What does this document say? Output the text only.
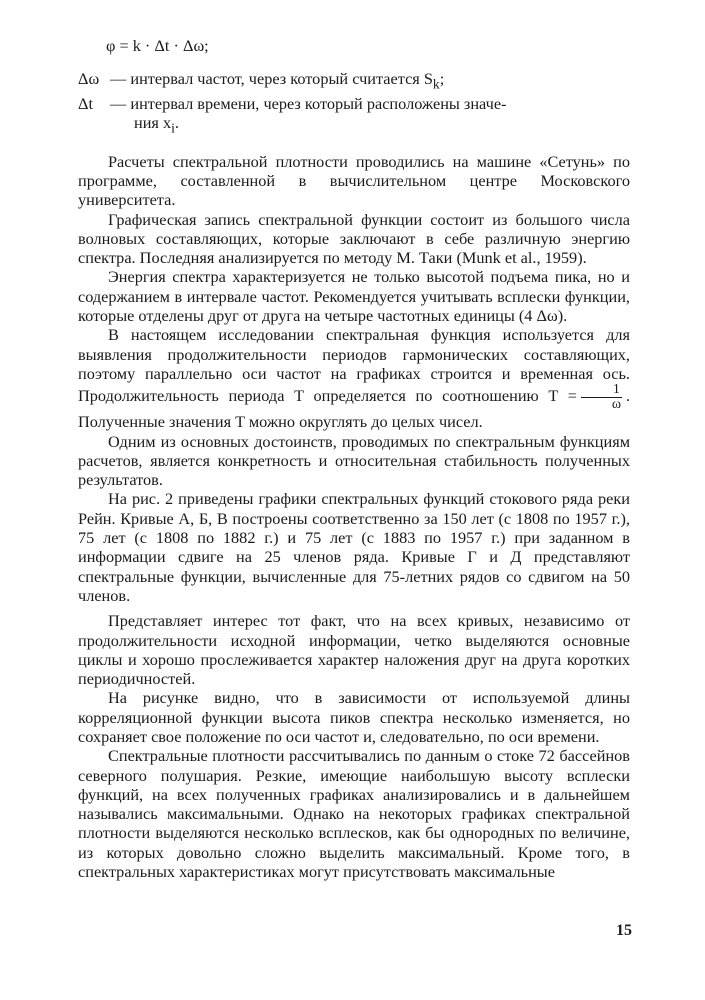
φ = k · Δt · Δω;
Δω — интервал частот, через который считается $S_k$;
Δt	— интервал времени, через который расположены значе-
ния $x_i$.

Расчеты спектральной плотности проводились на машине «Сетунь» по программе, составленной в вычислительном центре Московского университета.

Графическая запись спектральной функции состоит из большого числа волновых составляющих, которые заключают в себе различную энергию спектра. Последняя анализируется по методу М. Таки (Munk et al., 1959).

Энергия спектра характеризуется не только высотой подъема пика, но и содержанием в интервале частот. Рекомендуется учитывать всплески функции, которые отделены друг от друга на четыре частотных единицы (4 Δω).

В настоящем исследовании спектральная функция используется для выявления продолжительности периодов гармонических составляющих, поэтому параллельно оси частот на графиках строится и временная ось. Продолжительность периода T определяется по соотношению $T = \frac{1}{\omega}$ . Полученные значения T можно округлять до целых чисел.

Одним из основных достоинств, проводимых по спектральным функциям расчетов, является конкретность и относительная стабильность полученных результатов.

На рис. 2 приведены графики спектральных функций стокового ряда реки Рейн. Кривые А, Б, В построены соответственно за 150 лет (с 1808 по 1957 г.), 75 лет (с 1808 по 1882 г.) и 75 лет (с 1883 по 1957 г.) при заданном в информации сдвиге на 25 членов ряда. Кривые Г и Д представляют спектральные функции, вычисленные для 75-летних рядов со сдвигом на 50 членов.

Представляет интерес тот факт, что на всех кривых, независимо от продолжительности исходной информации, четко выделяются основные циклы и хорошо прослеживается характер наложения друг на друга коротких периодичностей.

На рисунке видно, что в зависимости от используемой длины корреляционной функции высота пиков спектра несколько изменяется, но сохраняет свое положение по оси частот и, следовательно, по оси времени.

Спектральные плотности рассчитывались по данным о стоке 72 бассейнов северного полушария. Резкие, имеющие наибольшую высоту всплески функций, на всех полученных графиках анализировались и в дальнейшем назывались максимальными. Однако на некоторых графиках спектральной плотности выделяются несколько всплесков, как бы однородных по величине, из которых довольно сложно выделить максимальный. Кроме того, в спектральных характеристиках могут присутствовать максимальные

15
